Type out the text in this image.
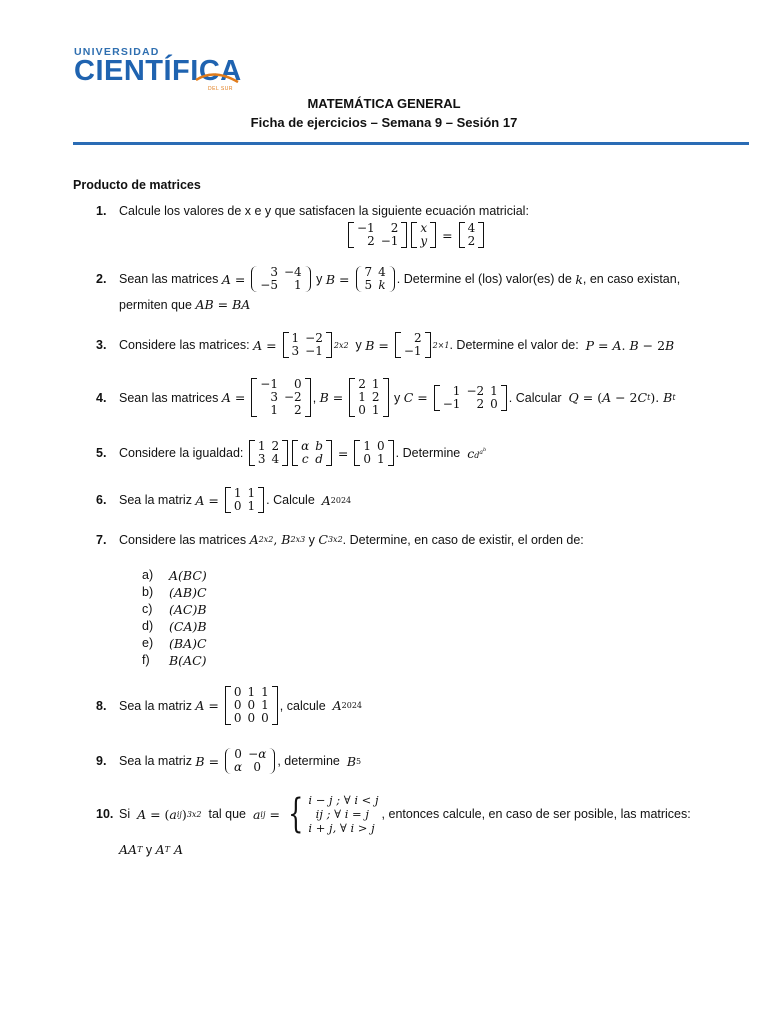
UNIVERSIDAD
CIENTÍFICA
DEL SUR
MATEMÁTICA GENERAL
Ficha de ejercicios – Semana 9 – Sesión 17
Producto de matrices
1.	Calcule los valores de x e y que satisfacen la siguiente ecuación matricial:
−1	2
2	−1
x
y = 4
2
2.	Sean las matrices A = 3	−4
−5	1 y B = 7	4
5	k . Determine el (los) valor(es) de k , en caso existan,
permiten que
AB = BA
3.	Considere las matrices: A = 1	−2
3	−1 2x2
y B = 2
−1 2×1 . Determine el valor de:
P = A . B − 2 B
4.	Sean las matrices A =
−1	0
3	−2
1	2
, B =
2	1
1	2
0	1
y C = 1	−2	1
−1	2	0 . Calcular
Q = ( A − 2 C t ). B t
5.	Considere la igualdad: 1	2
3	4
α	b
c	d = 1	0
0	1 . Determine
c $d^{a^b}$
6.	Sea la matriz A = 1	1
0	1 . Calcule
A 2024
7.	Considere las matrices A 2x2 , B 2x3 y C 3x2 . Determine, en caso de existir, el orden de:
a)	A(BC)
b)	(AB)C
c)	(AC)B
d)	(CA)B
e)	(BA)C
f)	B(AC)
8.	Sea la matriz A =
0	1	1
0	0	1
0	0	0
, calcule
A 2024
9.	Sea la matriz B = 0	−α
α	0 , determine
B 5
10. Si
A = ( a ij ) 3x2
tal que
a ij = { i − j ; ∀ i < j
ij ; ∀ i = j
i + j, ∀ i > j
, entonces calcule, en caso de ser posible, las matrices:
AA T y A T A
